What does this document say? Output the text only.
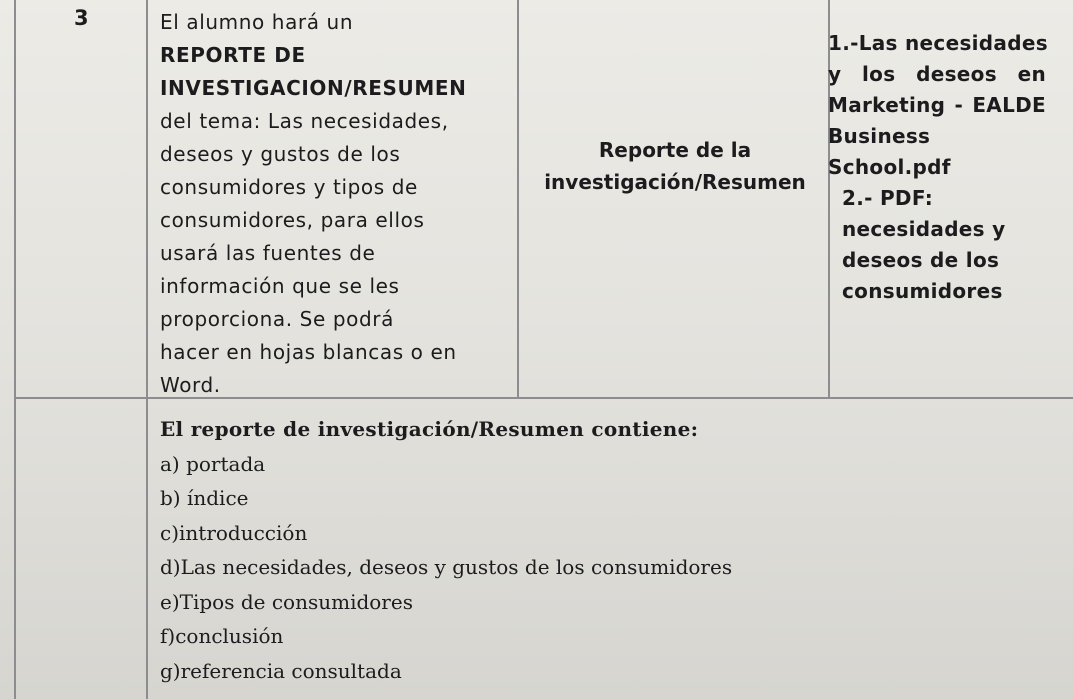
3	El alumno hará un
REPORTE DE
INVESTIGACION/RESUMEN
del tema: Las necesidades,
deseos y gustos de los
consumidores y tipos de
consumidores, para ellos
usará las fuentes de
información que se les
proporciona. Se podrá
hacer en hojas blancas o en
Word.
Reporte de la
investigación/Resumen
1.-Las necesidades
y los deseos en
Marketing - EALDE
Business
School.pdf
2.- PDF:
necesidades y
deseos de los
consumidores
El reporte de investigación/Resumen contiene:
a) portada
b) índice
c)introducción
d)Las necesidades, deseos y gustos de los consumidores
e)Tipos de consumidores
f)conclusión
g)referencia consultada
